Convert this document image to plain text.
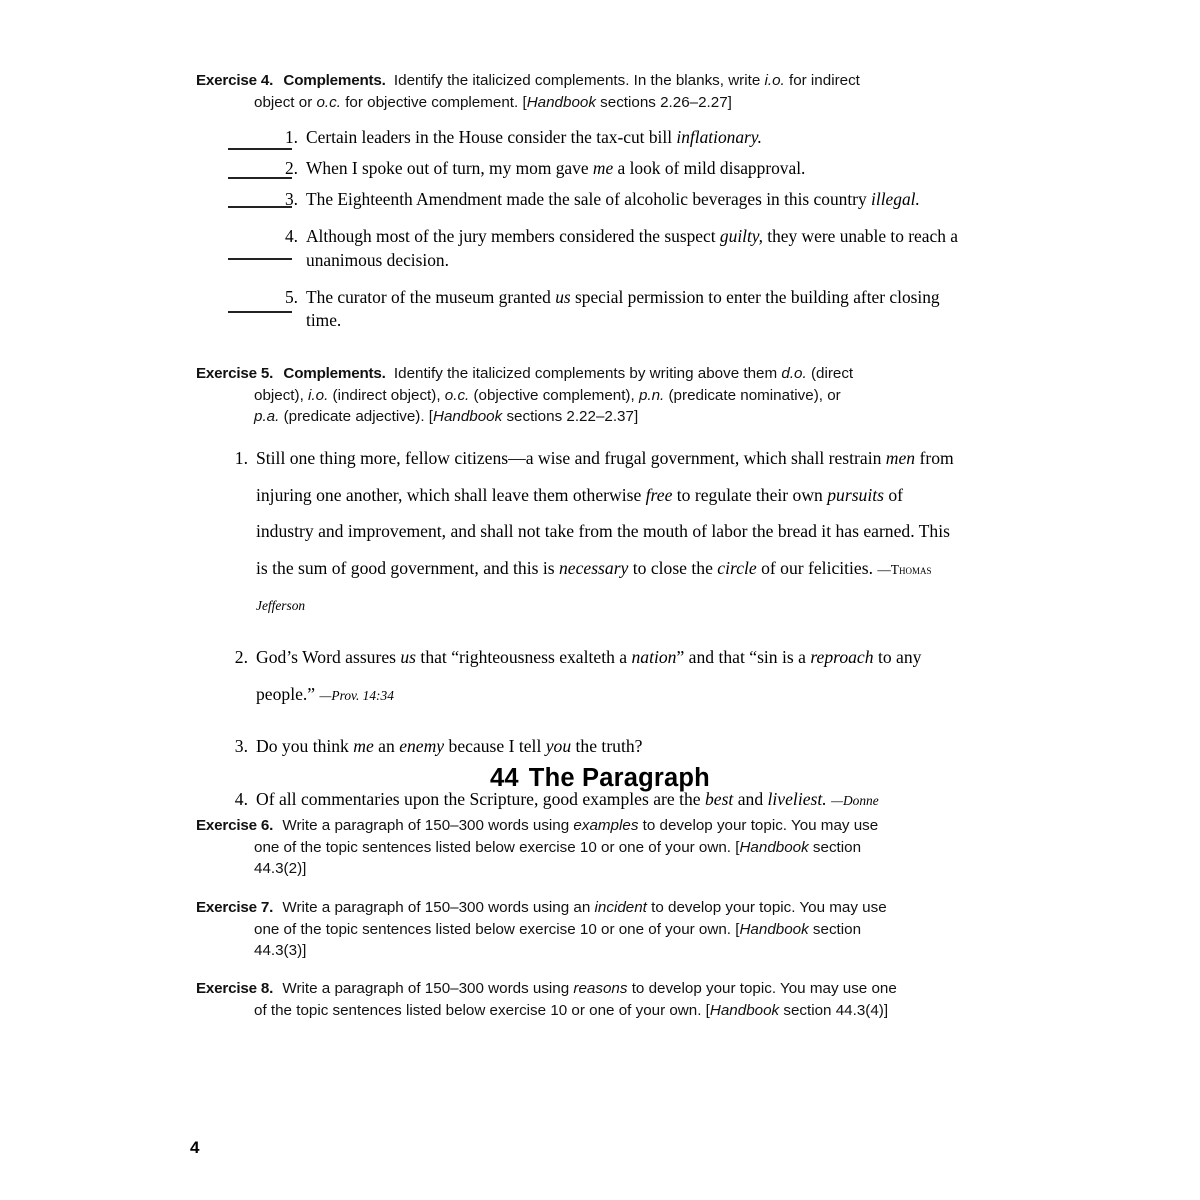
Exercise 4. Complements. Identify the italicized complements. In the blanks, write i.o. for indirect
object or o.c. for objective complement. [Handbook sections 2.26–2.27]
1. Certain leaders in the House consider the tax-cut bill inflationary.
2. When I spoke out of turn, my mom gave me a look of mild disapproval.
3. The Eighteenth Amendment made the sale of alcoholic beverages in this country illegal.
4. Although most of the jury members considered the suspect guilty, they were unable to reach a unanimous decision.
5. The curator of the museum granted us special permission to enter the building after closing time.
Exercise 5. Complements. Identify the italicized complements by writing above them d.o. (direct
object), i.o. (indirect object), o.c. (objective complement), p.n. (predicate nominative), or
p.a. (predicate adjective). [Handbook sections 2.22–2.37]
1. Still one thing more, fellow citizens—a wise and frugal government, which shall restrain men from injuring one another, which shall leave them otherwise free to regulate their own pursuits of industry and improvement, and shall not take from the mouth of labor the bread it has earned. This is the sum of good government, and this is necessary to close the circle of our felicities. —Thomas Jefferson
2. God’s Word assures us that “righteousness exalteth a nation” and that “sin is a reproach to any people.” —Prov. 14:34
3. Do you think me an enemy because I tell you the truth?
4. Of all commentaries upon the Scripture, good examples are the best and liveliest. —Donne
44 The Paragraph
Exercise 6. Write a paragraph of 150–300 words using examples to develop your topic. You may use
one of the topic sentences listed below exercise 10 or one of your own. [Handbook section
44.3(2)]
Exercise 7. Write a paragraph of 150–300 words using an incident to develop your topic. You may use
one of the topic sentences listed below exercise 10 or one of your own. [Handbook section
44.3(3)]
Exercise 8. Write a paragraph of 150–300 words using reasons to develop your topic. You may use one
of the topic sentences listed below exercise 10 or one of your own. [Handbook section 44.3(4)]
4
